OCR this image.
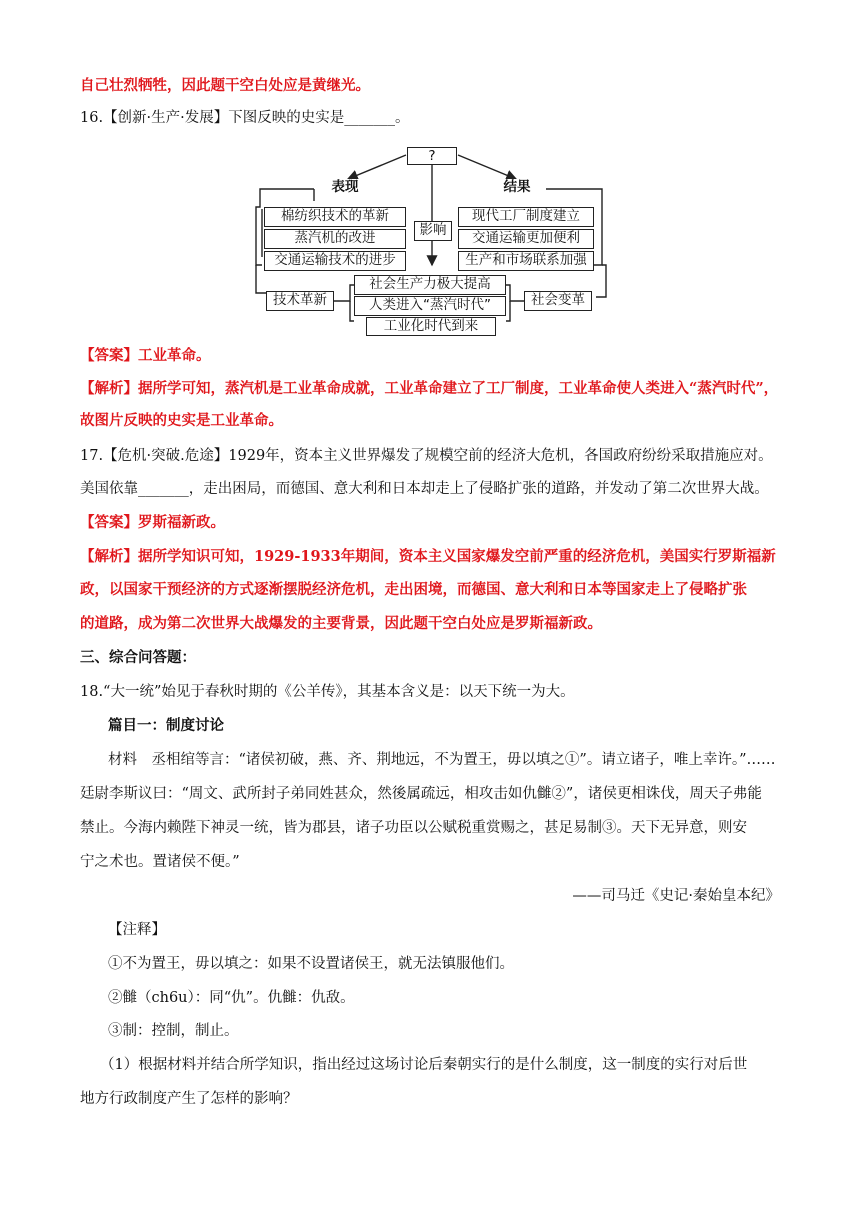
自己壮烈牺牲，因此题干空白处应是黄继光。
16.【创新·生产·发展】下图反映的史实是_______。
?
表现	结果
棉纺织技术的革新
蒸汽机的改进
交通运输技术的进步
影响
现代工厂制度建立
交通运输更加便利
生产和市场联系加强
技术革新	社会变革
社会生产力极大提高
人类进入“蒸汽时代”
工业化时代到来
【答案】工业革命。
【解析】据所学可知，蒸汽机是工业革命成就，工业革命建立了工厂制度，工业革命使人类进入“蒸汽时代”，
故图片反映的史实是工业革命。
17.【危机·突破.危途】1929年，资本主义世界爆发了规模空前的经济大危机，各国政府纷纷采取措施应对。
美国依靠_______，走出困局，而德国、意大利和日本却走上了侵略扩张的道路，并发动了第二次世界大战。
【答案】罗斯福新政。
【解析】据所学知识可知，1929-1933年期间，资本主义国家爆发空前严重的经济危机，美国实行罗斯福新
政，以国家干预经济的方式逐渐摆脱经济危机，走出困境，而德国、意大利和日本等国家走上了侵略扩张
的道路，成为第二次世界大战爆发的主要背景，因此题干空白处应是罗斯福新政。
三、综合问答题：
18.“大一统”始见于春秋时期的《公羊传》，其基本含义是：以天下统一为大。
篇目一：制度讨论
材料　丞相绾等言：“诸侯初破，燕、齐、荆地远，不为置王，毋以填之①”。请立诸子，唯上幸许。”……
廷尉李斯议曰：“周文、武所封子弟同姓甚众，然後属疏远，相攻击如仇雠②”，诸侯更相诛伐，周天子弗能
禁止。今海内赖陛下神灵一统，皆为郡县，诸子功臣以公赋税重赏赐之，甚足易制③。天下无异意，则安
宁之术也。置诸侯不便。”
——司马迁《史记·秦始皇本纪》
【注释】
①不为置王，毋以填之：如果不设置诸侯王，就无法镇服他们。
②雠（ch6u）：同“仇”。仇雠：仇敌。
③制：控制，制止。
（1）根据材料并结合所学知识，指出经过这场讨论后秦朝实行的是什么制度，这一制度的实行对后世
地方行政制度产生了怎样的影响？
